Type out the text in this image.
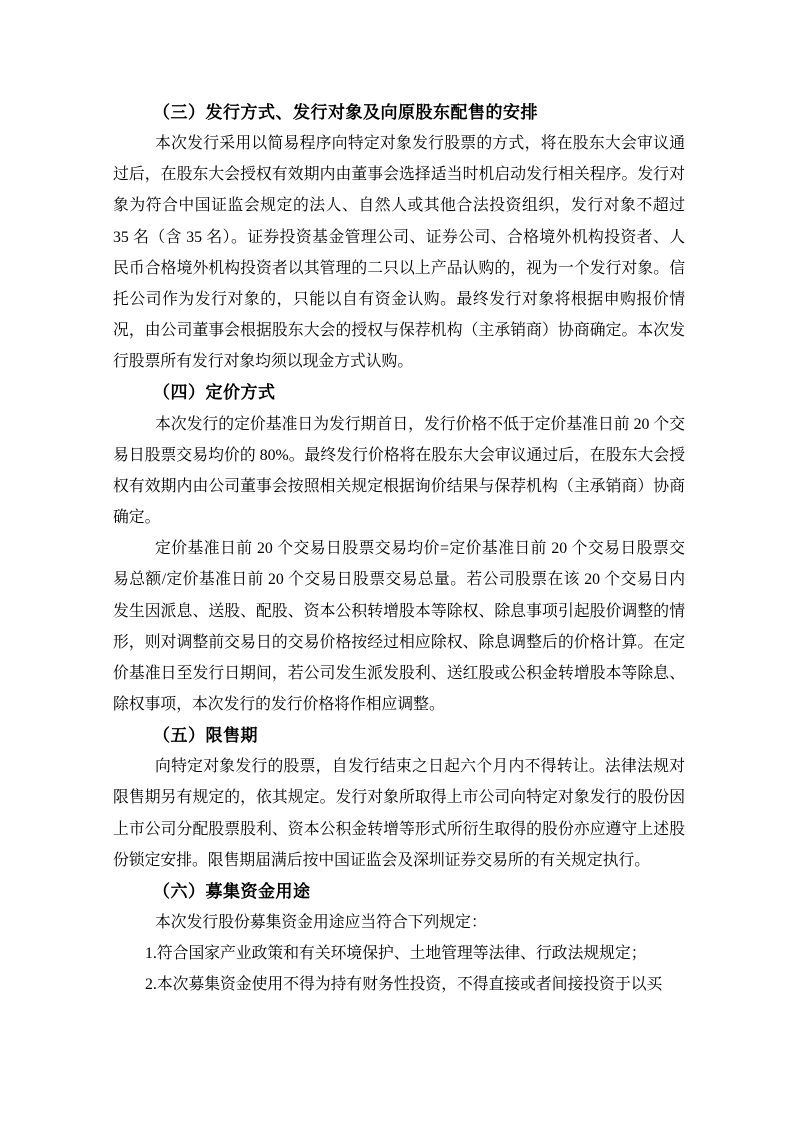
（三）发行方式、发行对象及向原股东配售的安排

本次发行采用以简易程序向特定对象发行股票的方式，将在股东大会审议通过后，在股东大会授权有效期内由董事会选择适当时机启动发行相关程序。发行对象为符合中国证监会规定的法人、自然人或其他合法投资组织，发行对象不超过 35 名（含 35 名）。证券投资基金管理公司、证券公司、合格境外机构投资者、人民币合格境外机构投资者以其管理的二只以上产品认购的，视为一个发行对象。信托公司作为发行对象的，只能以自有资金认购。最终发行对象将根据申购报价情况，由公司董事会根据股东大会的授权与保荐机构（主承销商）协商确定。本次发行股票所有发行对象均须以现金方式认购。

（四）定价方式

本次发行的定价基准日为发行期首日，发行价格不低于定价基准日前 20 个交易日股票交易均价的 80%。最终发行价格将在股东大会审议通过后，在股东大会授权有效期内由公司董事会按照相关规定根据询价结果与保荐机构（主承销商）协商确定。

定价基准日前 20 个交易日股票交易均价=定价基准日前 20 个交易日股票交易总额/定价基准日前 20 个交易日股票交易总量。若公司股票在该 20 个交易日内发生因派息、送股、配股、资本公积转增股本等除权、除息事项引起股价调整的情形，则对调整前交易日的交易价格按经过相应除权、除息调整后的价格计算。在定价基准日至发行日期间，若公司发生派发股利、送红股或公积金转增股本等除息、除权事项，本次发行的发行价格将作相应调整。

（五）限售期

向特定对象发行的股票，自发行结束之日起六个月内不得转让。法律法规对限售期另有规定的，依其规定。发行对象所取得上市公司向特定对象发行的股份因上市公司分配股票股利、资本公积金转增等形式所衍生取得的股份亦应遵守上述股份锁定安排。限售期届满后按中国证监会及深圳证券交易所的有关规定执行。

（六）募集资金用途

本次发行股份募集资金用途应当符合下列规定：

1.符合国家产业政策和有关环境保护、土地管理等法律、行政法规规定；

2.本次募集资金使用不得为持有财务性投资，不得直接或者间接投资于以买
